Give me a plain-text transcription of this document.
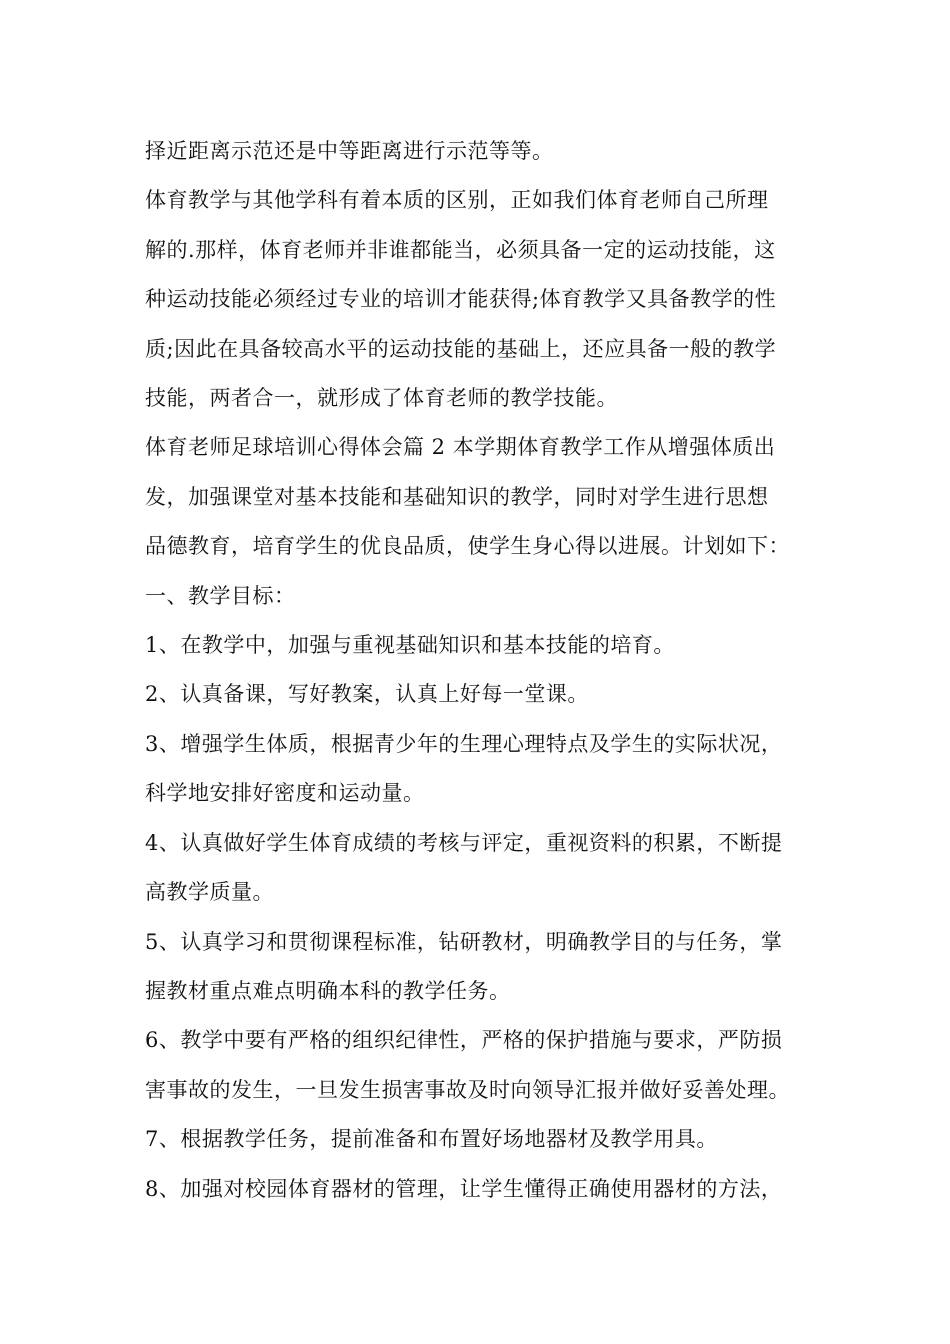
择近距离示范还是中等距离进行示范等等。

体育教学与其他学科有着本质的区别，正如我们体育老师自己所理
解的.那样，体育老师并非谁都能当，必须具备一定的运动技能，这
种运动技能必须经过专业的培训才能获得;体育教学又具备教学的性
质;因此在具备较高水平的运动技能的基础上，还应具备一般的教学
技能，两者合一，就形成了体育老师的教学技能。

体育老师足球培训心得体会篇 2 本学期体育教学工作从增强体质出
发，加强课堂对基本技能和基础知识的教学，同时对学生进行思想
品德教育，培育学生的优良品质，使学生身心得以进展。计划如下：

一、教学目标：

1、在教学中，加强与重视基础知识和基本技能的培育。

2、认真备课，写好教案，认真上好每一堂课。

3、增强学生体质，根据青少年的生理心理特点及学生的实际状况，
科学地安排好密度和运动量。

4、认真做好学生体育成绩的考核与评定，重视资料的积累，不断提
高教学质量。

5、认真学习和贯彻课程标准，钻研教材，明确教学目的与任务，掌
握教材重点难点明确本科的教学任务。

6、教学中要有严格的组织纪律性，严格的保护措施与要求，严防损
害事故的发生，一旦发生损害事故及时向领导汇报并做好妥善处理。

7、根据教学任务，提前准备和布置好场地器材及教学用具。

8、加强对校园体育器材的管理，让学生懂得正确使用器材的方法，
